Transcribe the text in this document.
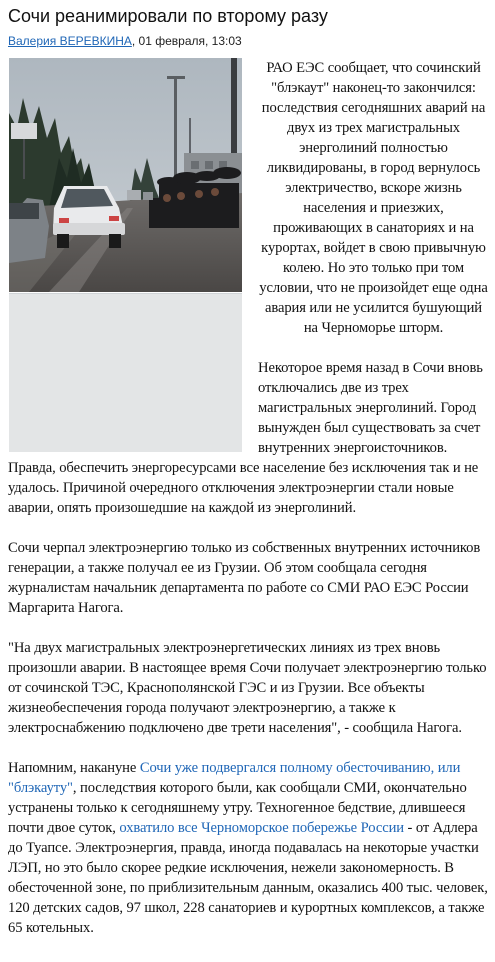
Сочи реанимировали по второму разу
Валерия ВЕРЕВКИНА, 01 февраля, 13:03

РАО ЕЭС сообщает, что сочинский "блэкаут" наконец-то закончился: последствия сегодняшних аварий на двух из трех магистральных энерголиний полностью ликвидированы, в город вернулось электричество, вскоре жизнь населения и приезжих, проживающих в санаториях и на курортах, войдет в свою привычную колею. Но это только при том условии, что не произойдет еще одна авария или не усилится бушующий на Черноморье шторм.

Некоторое время назад в Сочи вновь отключались две из трех магистральных энерголиний. Город вынужден был существовать за счет внутренних энергоисточников. Правда, обеспечить энергоресурсами все население без исключения так и не удалось. Причиной очередного отключения электроэнергии стали новые аварии, опять произошедшие на каждой из энерголиний.

Сочи черпал электроэнергию только из собственных внутренних источников генерации, а также получал ее из Грузии. Об этом сообщала сегодня журналистам начальник департамента по работе со СМИ РАО ЕЭС России Маргарита Нагога.

"На двух магистральных электроэнергетических линиях из трех вновь произошли аварии. В настоящее время Сочи получает электроэнергию только от сочинской ТЭС, Краснополянской ГЭС и из Грузии. Все объекты жизнеобеспечения города получают электроэнергию, а также к электроснабжению подключено две трети населения", - сообщила Нагога.

Напомним, накануне Сочи уже подвергался полному обесточиванию, или "блэкауту", последствия которого были, как сообщали СМИ, окончательно устранены только к сегодняшнему утру. Техногенное бедствие, длившееся почти двое суток, охватило все Черноморское побережье России - от Адлера до Туапсе. Электроэнергия, правда, иногда подавалась на некоторые участки ЛЭП, но это было скорее редкие исключения, нежели закономерность. В обесточенной зоне, по приблизительным данным, оказались 400 тыс. человек, 120 детских садов, 97 школ, 228 санаториев и курортных комплексов, а также 65 котельных.
